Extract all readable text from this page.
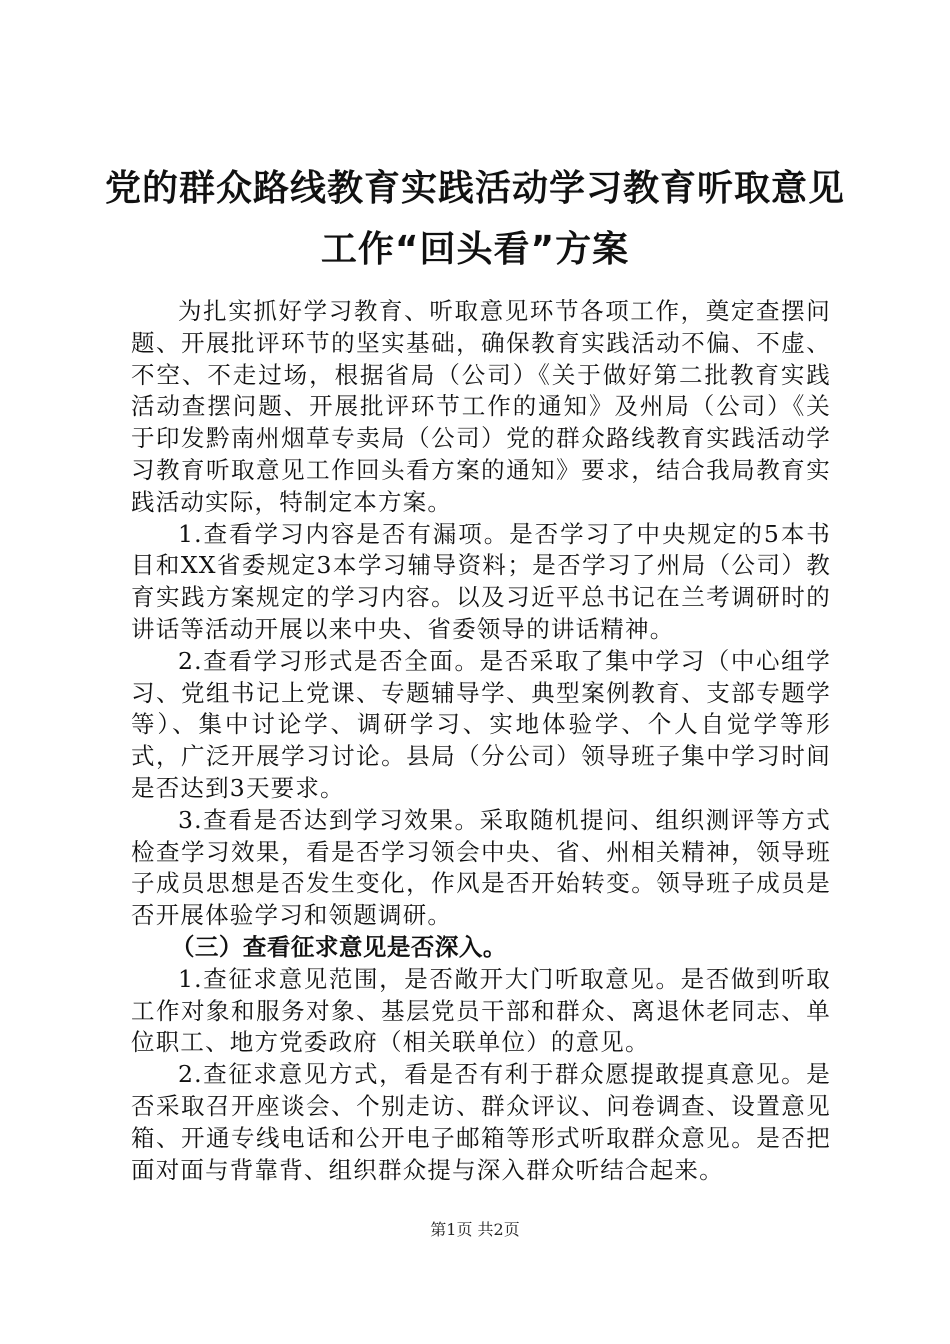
党的群众路线教育实践活动学习教育听取意见
工作“回头看”方案

为扎实抓好学习教育、听取意见环节各项工作，奠定查摆问题、开展批评环节的坚实基础，确保教育实践活动不偏、不虚、不空、不走过场，根据省局（公司）《关于做好第二批教育实践活动查摆问题、开展批评环节工作的通知》及州局（公司）《关于印发黔南州烟草专卖局（公司）党的群众路线教育实践活动学习教育听取意见工作回头看方案的通知》要求，结合我局教育实践活动实际，特制定本方案。

1.查看学习内容是否有漏项。是否学习了中央规定的5本书目和XX省委规定3本学习辅导资料；是否学习了州局（公司）教育实践方案规定的学习内容。以及习近平总书记在兰考调研时的讲话等活动开展以来中央、省委领导的讲话精神。

2.查看学习形式是否全面。是否采取了集中学习（中心组学习、党组书记上党课、专题辅导学、典型案例教育、支部专题学等）、集中讨论学、调研学习、实地体验学、个人自觉学等形式，广泛开展学习讨论。县局（分公司）领导班子集中学习时间是否达到3天要求。

3.查看是否达到学习效果。采取随机提问、组织测评等方式检查学习效果，看是否学习领会中央、省、州相关精神，领导班子成员思想是否发生变化，作风是否开始转变。领导班子成员是否开展体验学习和领题调研。

（三）查看征求意见是否深入。

1.查征求意见范围，是否敞开大门听取意见。是否做到听取工作对象和服务对象、基层党员干部和群众、离退休老同志、单位职工、地方党委政府（相关联单位）的意见。

2.查征求意见方式，看是否有利于群众愿提敢提真意见。是否采取召开座谈会、个别走访、群众评议、问卷调查、设置意见箱、开通专线电话和公开电子邮箱等形式听取群众意见。是否把面对面与背靠背、组织群众提与深入群众听结合起来。

第1页 共2页
